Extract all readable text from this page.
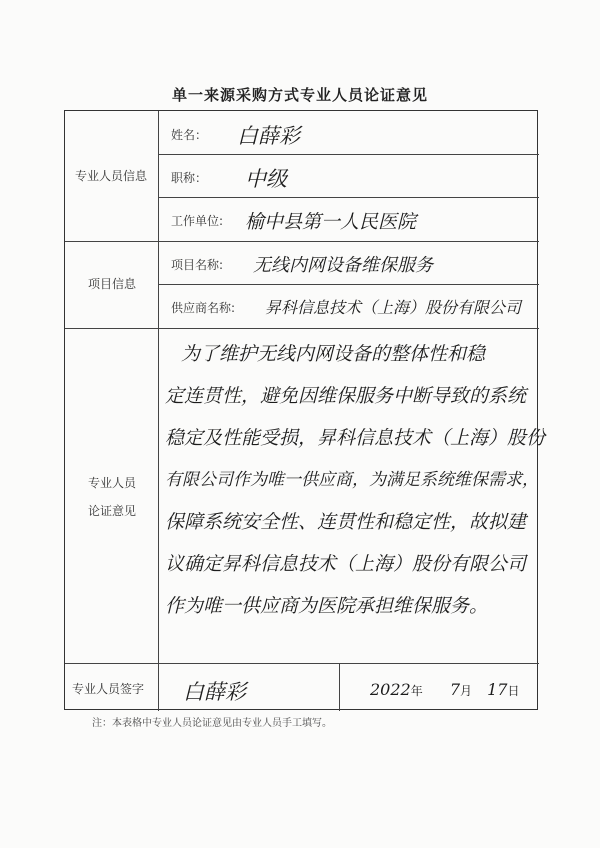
单一来源采购方式专业人员论证意见
专业人员信息
项目信息
专业人员
论证意见
专业人员签字
姓名：
职称：
工作单位:
项目名称:
供应商名称:
白薛彩
中级
榆中县第一人民医院
无线内网设备维保服务
昇科信息技术（上海）股份有限公司
为了维护无线内网设备的整体性和稳
定连贯性，避免因维保服务中断导致的系统
稳定及性能受损，昇科信息技术（上海）股份
有限公司作为唯一供应商，为满足系统维保需求，
保障系统安全性、连贯性和稳定性，故拟建
议确定昇科信息技术（上海）股份有限公司
作为唯一供应商为医院承担维保服务。
白薛彩	2022年 7月 17日
注：本表格中专业人员论证意见由专业人员手工填写。
